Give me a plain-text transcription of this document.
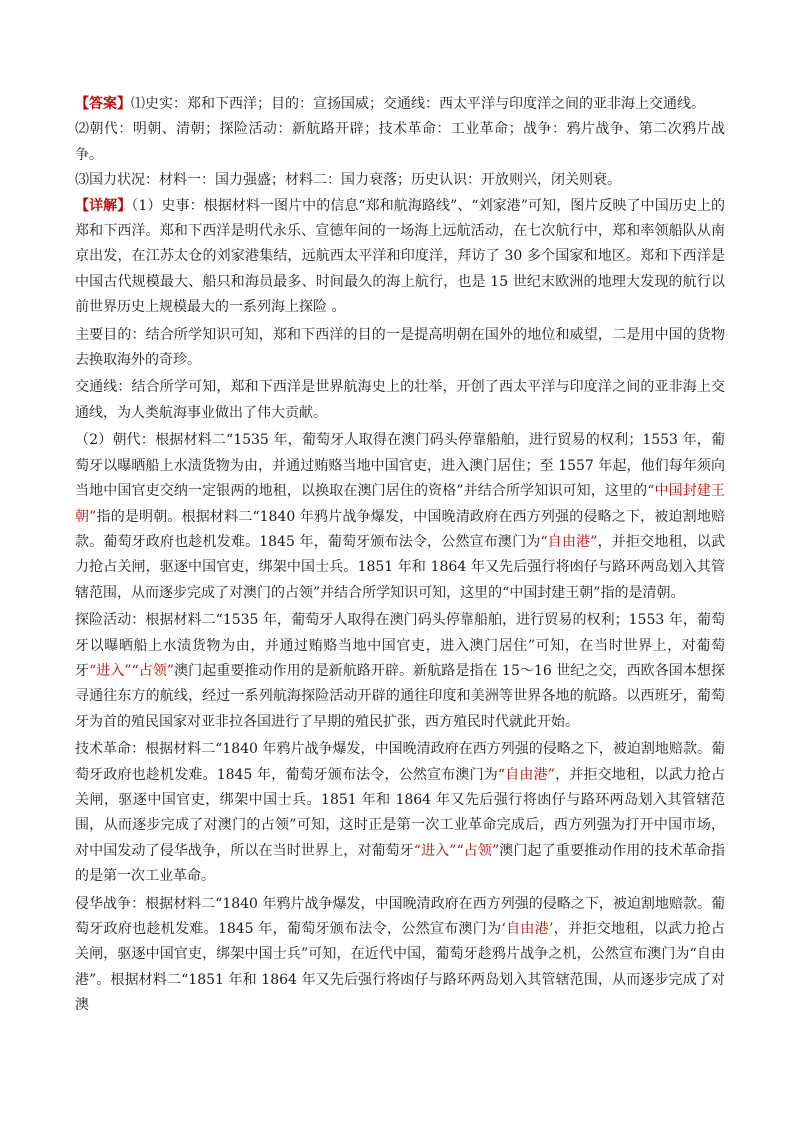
【答案】⑴史实：郑和下西洋；目的：宣扬国威；交通线：西太平洋与印度洋之间的亚非海上交通线。

⑵朝代：明朝、清朝；探险活动：新航路开辟；技术革命：工业革命；战争：鸦片战争、第二次鸦片战争。

⑶国力状况：材料一：国力强盛；材料二：国力衰落；历史认识：开放则兴，闭关则衰。

【详解】（1）史事：根据材料一图片中的信息“郑和航海路线”、“刘家港”可知，图片反映了中国历史上的郑和下西洋。郑和下西洋是明代永乐、宣德年间的一场海上远航活动，在七次航行中，郑和率领船队从南京出发，在江苏太仓的刘家港集结，远航西太平洋和印度洋，拜访了 30 多个国家和地区。郑和下西洋是中国古代规模最大、船只和海员最多、时间最久的海上航行，也是 15 世纪末欧洲的地理大发现的航行以前世界历史上规模最大的一系列海上探险 。

主要目的：结合所学知识可知，郑和下西洋的目的一是提高明朝在国外的地位和威望，二是用中国的货物去换取海外的奇珍。

交通线：结合所学可知，郑和下西洋是世界航海史上的壮举，开创了西太平洋与印度洋之间的亚非海上交通线，为人类航海事业做出了伟大贡献。

（2）朝代：根据材料二“1535 年，葡萄牙人取得在澳门码头停靠船舶，进行贸易的权利；1553 年，葡萄牙以曝晒船上水渍货物为由，并通过贿赂当地中国官吏，进入澳门居住；至 1557 年起，他们每年须向当地中国官吏交纳一定银两的地租，以换取在澳门居住的资格”并结合所学知识可知，这里的“中国封建王朝”指的是明朝。根据材料二“1840 年鸦片战争爆发，中国晚清政府在西方列强的侵略之下，被迫割地赔款。葡萄牙政府也趁机发难。1845 年，葡萄牙颁布法令，公然宣布澳门为“自由港”，并拒交地租，以武力抢占关闸，驱逐中国官吏，绑架中国士兵。1851 年和 1864 年又先后强行将凼仔与路环两岛划入其管辖范围，从而逐步完成了对澳门的占领”并结合所学知识可知，这里的“中国封建王朝”指的是清朝。

探险活动：根据材料二“1535 年，葡萄牙人取得在澳门码头停靠船舶，进行贸易的权利；1553 年，葡萄牙以曝晒船上水渍货物为由，并通过贿赂当地中国官吏，进入澳门居住”可知，在当时世界上，对葡萄牙“进入”“占领”澳门起重要推动作用的是新航路开辟。新航路是指在 15～16 世纪之交，西欧各国本想探寻通往东方的航线，经过一系列航海探险活动开辟的通往印度和美洲等世界各地的航路。以西班牙，葡萄牙为首的殖民国家对亚非拉各国进行了早期的殖民扩张，西方殖民时代就此开始。

技术革命：根据材料二“1840 年鸦片战争爆发，中国晚清政府在西方列强的侵略之下，被迫割地赔款。葡萄牙政府也趁机发难。1845 年，葡萄牙颁布法令，公然宣布澳门为“自由港”，并拒交地租，以武力抢占关闸，驱逐中国官吏，绑架中国士兵。1851 年和 1864 年又先后强行将凼仔与路环两岛划入其管辖范围，从而逐步完成了对澳门的占领”可知，这时正是第一次工业革命完成后，西方列强为打开中国市场，对中国发动了侵华战争，所以在当时世界上，对葡萄牙“进入”“占领”澳门起了重要推动作用的技术革命指的是第一次工业革命。

侵华战争：根据材料二“1840 年鸦片战争爆发，中国晚清政府在西方列强的侵略之下，被迫割地赔款。葡萄牙政府也趁机发难。1845 年，葡萄牙颁布法令，公然宣布澳门为‘自由港’，并拒交地租，以武力抢占关闸，驱逐中国官吏，绑架中国士兵”可知，在近代中国，葡萄牙趁鸦片战争之机，公然宣布澳门为“自由港”。根据材料二“1851 年和 1864 年又先后强行将凼仔与路环两岛划入其管辖范围，从而逐步完成了对澳
